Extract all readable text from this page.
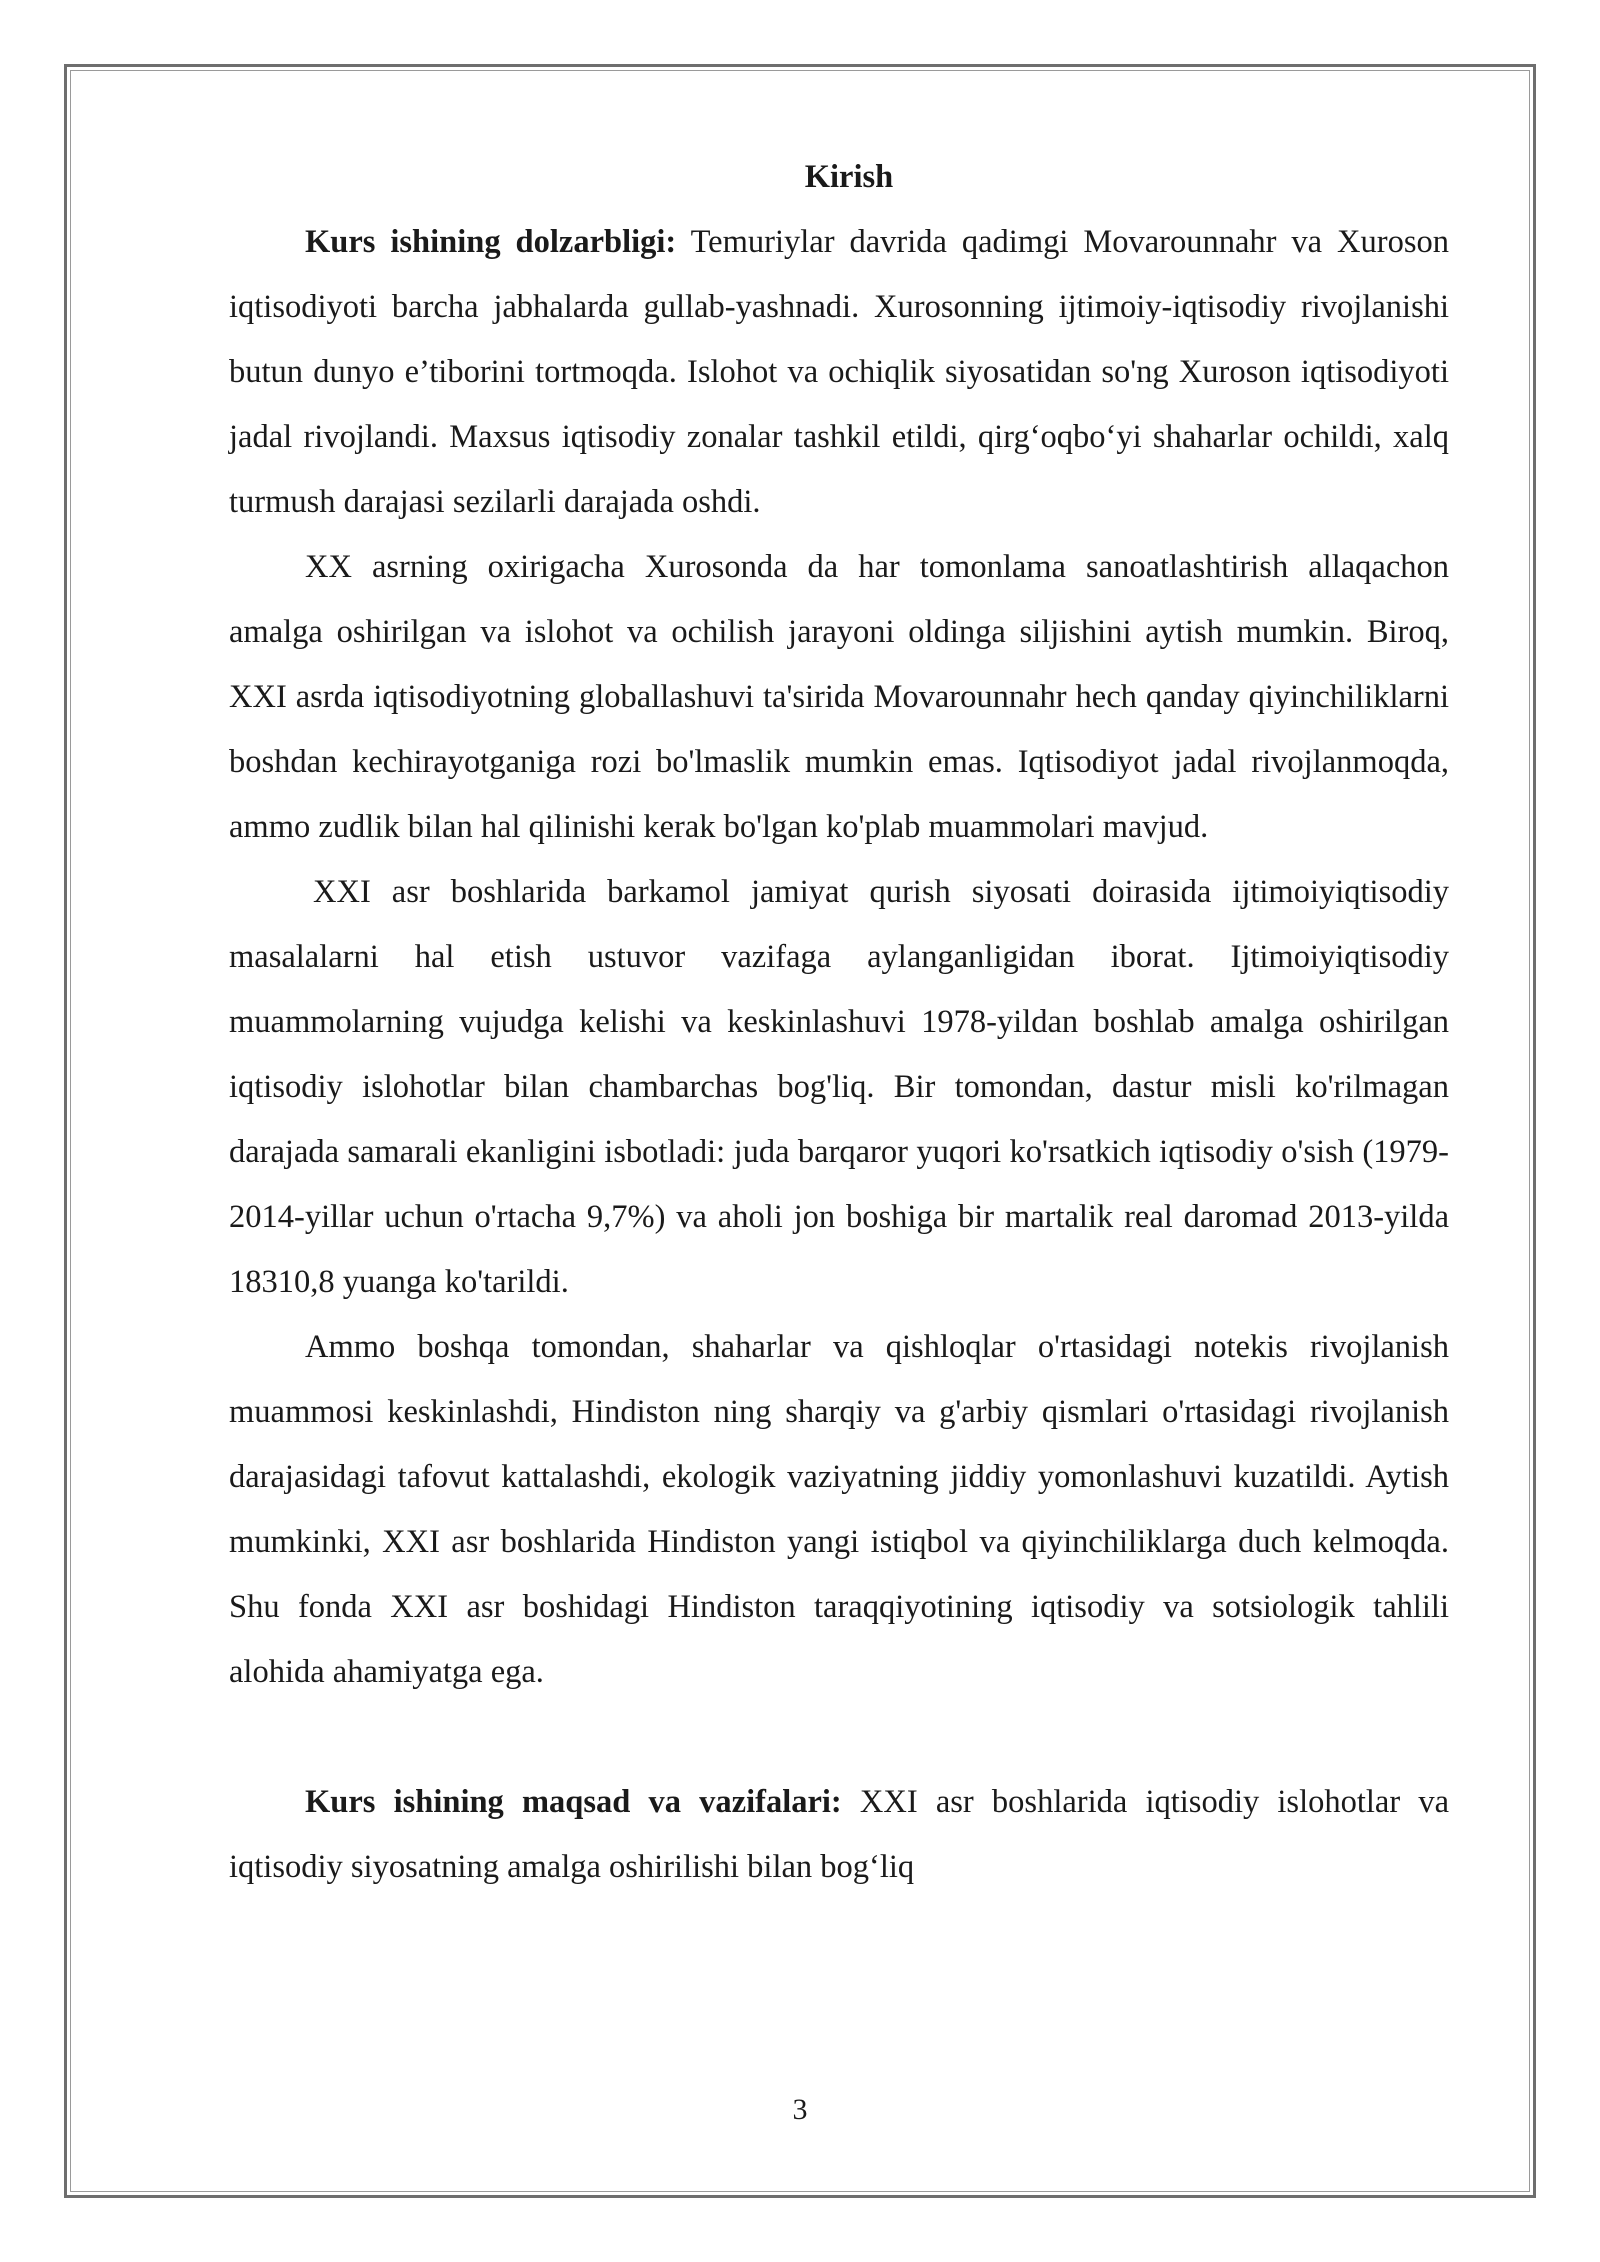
Kirish

Kurs ishining dolzarbligi: Temuriylar davrida qadimgi Movarounnahr va Xuroson iqtisodiyoti barcha jabhalarda gullab-yashnadi. Xurosonning ijtimoiy-iqtisodiy rivojlanishi butun dunyo e’tiborini tortmoqda. Islohot va ochiqlik siyosatidan so'ng Xuroson iqtisodiyoti jadal rivojlandi. Maxsus iqtisodiy zonalar tashkil etildi, qirg‘oqbo‘yi shaharlar ochildi, xalq turmush darajasi sezilarli darajada oshdi.

XX asrning oxirigacha Xurosonda da har tomonlama sanoatlashtirish allaqachon amalga oshirilgan va islohot va ochilish jarayoni oldinga siljishini aytish mumkin. Biroq, XXI asrda iqtisodiyotning globallashuvi ta'sirida Movarounnahr hech qanday qiyinchiliklarni boshdan kechirayotganiga rozi bo'lmaslik mumkin emas. Iqtisodiyot jadal rivojlanmoqda, ammo zudlik bilan hal qilinishi kerak bo'lgan ko'plab muammolari mavjud.

XXI asr boshlarida barkamol jamiyat qurish siyosati doirasida ijtimoiyiqtisodiy masalalarni hal etish ustuvor vazifaga aylanganligidan iborat. Ijtimoiyiqtisodiy muammolarning vujudga kelishi va keskinlashuvi 1978-yildan boshlab amalga oshirilgan iqtisodiy islohotlar bilan chambarchas bog'liq. Bir tomondan, dastur misli ko'rilmagan darajada samarali ekanligini isbotladi: juda barqaror yuqori ko'rsatkich iqtisodiy o'sish (1979-2014-yillar uchun o'rtacha 9,7%) va aholi jon boshiga bir martalik real daromad 2013-yilda 18310,8 yuanga ko'tarildi.

Ammo boshqa tomondan, shaharlar va qishloqlar o'rtasidagi notekis rivojlanish muammosi keskinlashdi, Hindiston ning sharqiy va g'arbiy qismlari o'rtasidagi rivojlanish darajasidagi tafovut kattalashdi, ekologik vaziyatning jiddiy yomonlashuvi kuzatildi. Aytish mumkinki, XXI asr boshlarida Hindiston yangi istiqbol va qiyinchiliklarga duch kelmoqda. Shu fonda XXI asr boshidagi Hindiston taraqqiyotining iqtisodiy va sotsiologik tahlili alohida ahamiyatga ega.

Kurs ishining maqsad va vazifalari: XXI asr boshlarida iqtisodiy islohotlar va iqtisodiy siyosatning amalga oshirilishi bilan bog‘liq

3
